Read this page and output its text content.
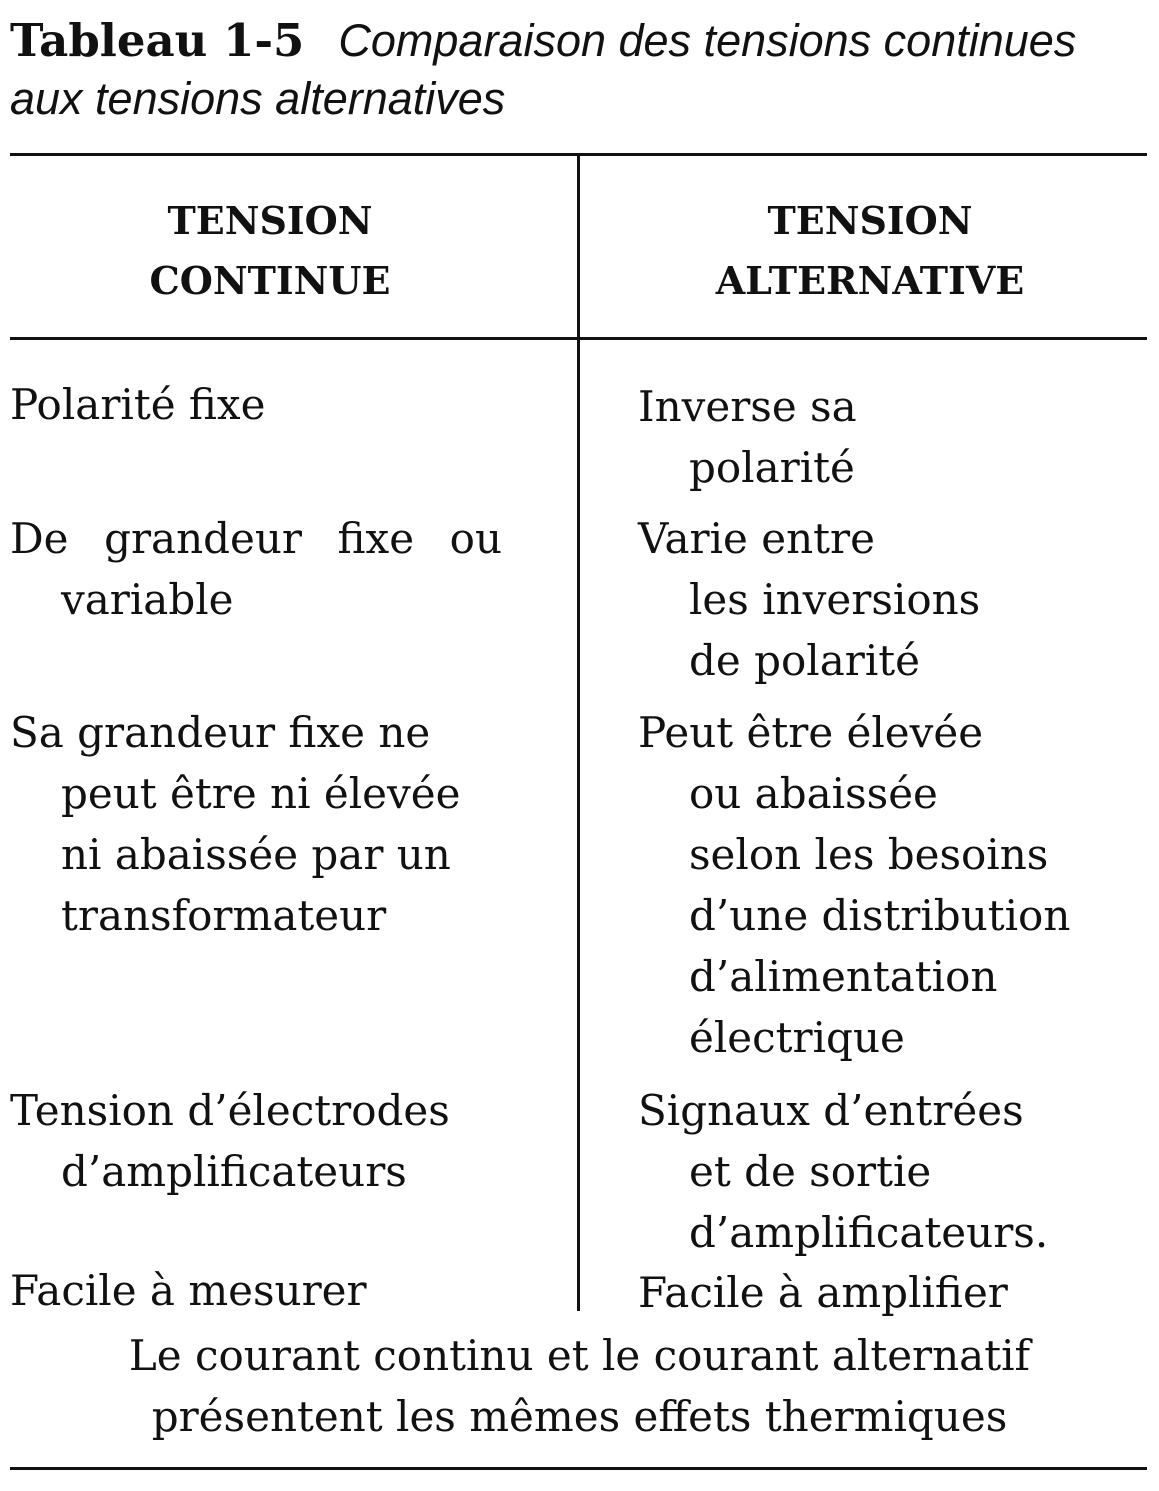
Tableau 1-5 Comparaison des tensions continues
aux tensions alternatives
TENSION
CONTINUE
TENSION
ALTERNATIVE
Polarité fixe	Inverse sa
polarité
De grandeur fixe ou
variable
Varie entre
les inversions
de polarité
Sa grandeur fixe ne
peut être ni élevée
ni abaissée par un
transformateur
Peut être élevée
ou abaissée
selon les besoins
d’une distribution
d’alimentation
électrique
Tension d’électrodes
d’amplificateurs
Signaux d’entrées
et de sortie
d’amplificateurs.
Facile à mesurer	Facile à amplifier
Le courant continu et le courant alternatif
présentent les mêmes effets thermiques
